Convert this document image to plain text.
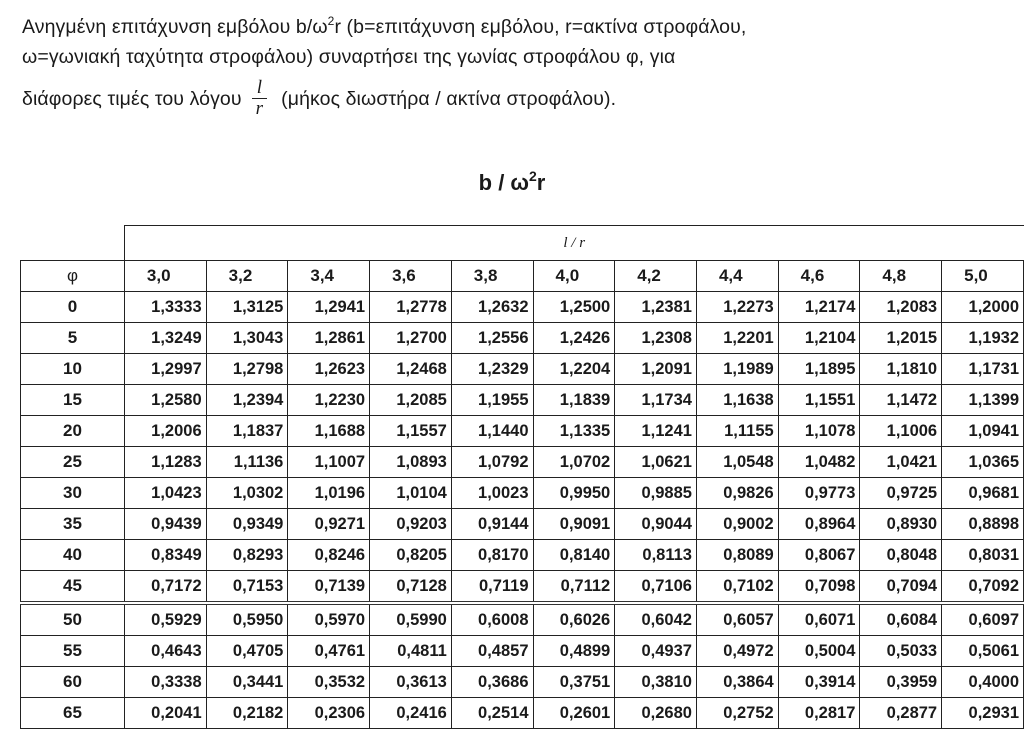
Ανηγμένη επιτάχυνση εμβόλου $b/\omega^2r$ (b=επιτάχυνση εμβόλου, r=ακτίνα στροφάλου,
ω=γωνιακή ταχύτητα στροφάλου) συναρτήσει της γωνίας στροφάλου φ, για
διάφορες τιμές του λόγου $\frac{l}{r} (\mu ή\kappa o\varsigma$ διωστήρα / ακτίνα στροφάλου).

b / $\omega^2r$
	l / r										
φ	3,0	3,2	3,4	3,6	3,8	4,0	4,2	4,4	4,6	4,8	5,0
0	1,3333	1,3125	1,2941	1,2778	1,2632	1,2500	1,2381	1,2273	1,2174	1,2083	1,2000
5	1,3249	1,3043	1,2861	1,2700	1,2556	1,2426	1,2308	1,2201	1,2104	1,2015	1,1932
10	1,2997	1,2798	1,2623	1,2468	1,2329	1,2204	1,2091	1,1989	1,1895	1,1810	1,1731
15	1,2580	1,2394	1,2230	1,2085	1,1955	1,1839	1,1734	1,1638	1,1551	1,1472	1,1399
20	1,2006	1,1837	1,1688	1,1557	1,1440	1,1335	1,1241	1,1155	1,1078	1,1006	1,0941
25	1,1283	1,1136	1,1007	1,0893	1,0792	1,0702	1,0621	1,0548	1,0482	1,0421	1,0365
30	1,0423	1,0302	1,0196	1,0104	1,0023	0,9950	0,9885	0,9826	0,9773	0,9725	0,9681
35	0,9439	0,9349	0,9271	0,9203	0,9144	0,9091	0,9044	0,9002	0,8964	0,8930	0,8898
40	0,8349	0,8293	0,8246	0,8205	0,8170	0,8140	0,8113	0,8089	0,8067	0,8048	0,8031
45	0,7172	0,7153	0,7139	0,7128	0,7119	0,7112	0,7106	0,7102	0,7098	0,7094	0,7092
50	0,5929	0,5950	0,5970	0,5990	0,6008	0,6026	0,6042	0,6057	0,6071	0,6084	0,6097
55	0,4643	0,4705	0,4761	0,4811	0,4857	0,4899	0,4937	0,4972	0,5004	0,5033	0,5061
60	0,3338	0,3441	0,3532	0,3613	0,3686	0,3751	0,3810	0,3864	0,3914	0,3959	0,4000
65	0,2041	0,2182	0,2306	0,2416	0,2514	0,2601	0,2680	0,2752	0,2817	0,2877	0,2931
